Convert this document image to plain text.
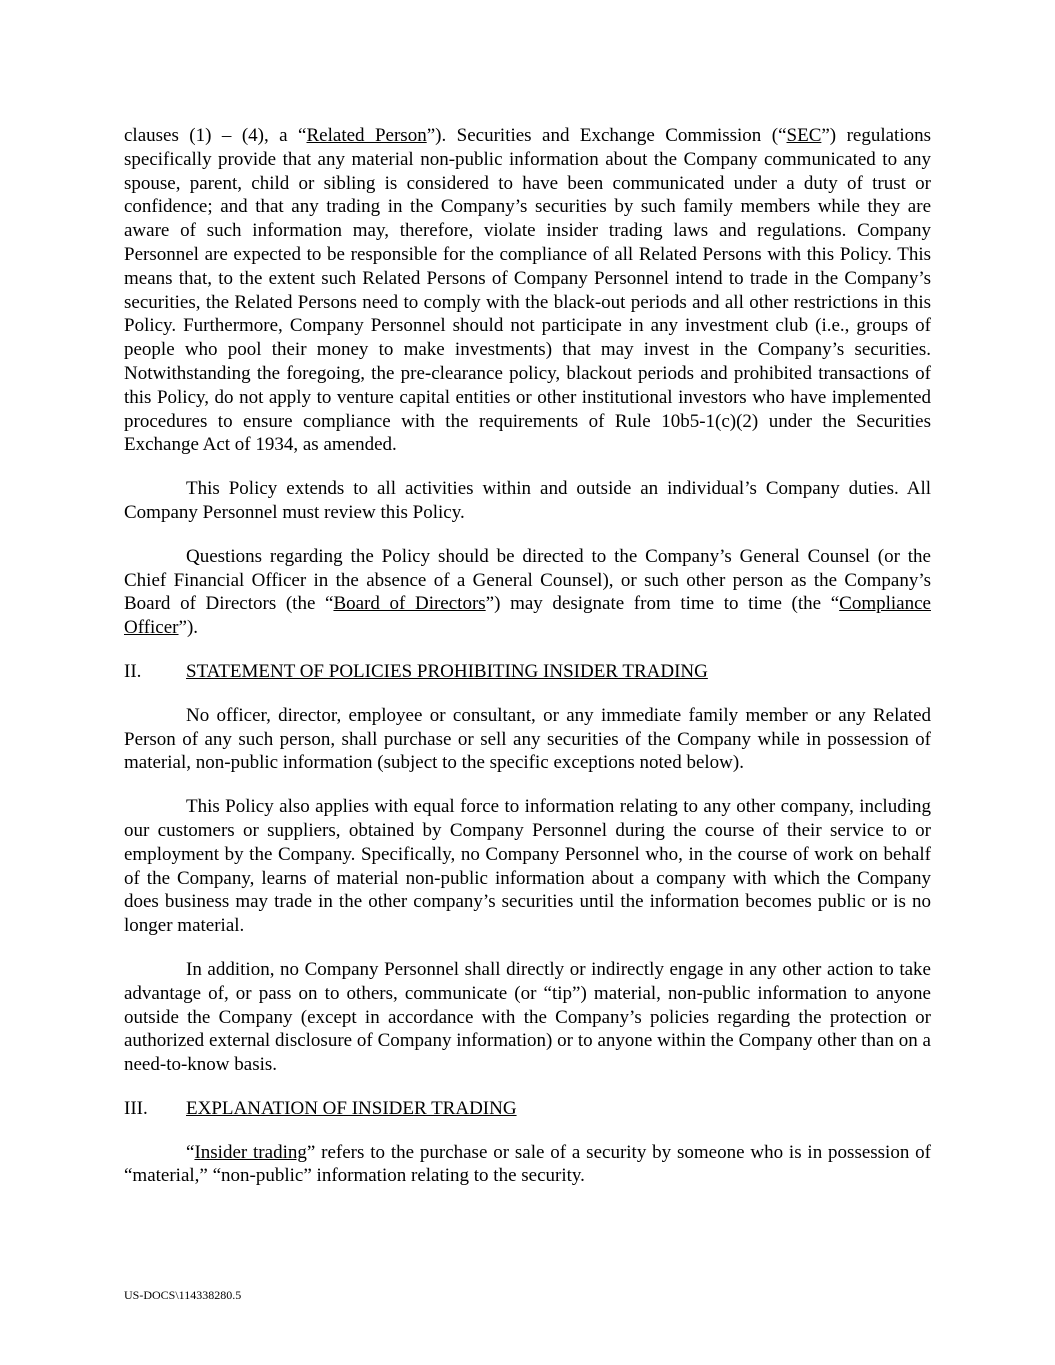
clauses (1) – (4), a “Related Person”). Securities and Exchange Commission (“SEC”) regulations specifically provide that any material non-public information about the Company communicated to any spouse, parent, child or sibling is considered to have been communicated under a duty of trust or confidence; and that any trading in the Company’s securities by such family members while they are aware of such information may, therefore, violate insider trading laws and regulations. Company Personnel are expected to be responsible for the compliance of all Related Persons with this Policy. This means that, to the extent such Related Persons of Company Personnel intend to trade in the Company’s securities, the Related Persons need to comply with the black-out periods and all other restrictions in this Policy. Furthermore, Company Personnel should not participate in any investment club (i.e., groups of people who pool their money to make investments) that may invest in the Company’s securities. Notwithstanding the foregoing, the pre-clearance policy, blackout periods and prohibited transactions of this Policy, do not apply to venture capital entities or other institutional investors who have implemented procedures to ensure compliance with the requirements of Rule 10b5-1(c)(2) under the Securities Exchange Act of 1934, as amended.

This Policy extends to all activities within and outside an individual’s Company duties. All Company Personnel must review this Policy.

Questions regarding the Policy should be directed to the Company’s General Counsel (or the Chief Financial Officer in the absence of a General Counsel), or such other person as the Company’s Board of Directors (the “Board of Directors”) may designate from time to time (the “Compliance Officer”).

II.	STATEMENT OF POLICIES PROHIBITING INSIDER TRADING

No officer, director, employee or consultant, or any immediate family member or any Related Person of any such person, shall purchase or sell any securities of the Company while in possession of material, non-public information (subject to the specific exceptions noted below).

This Policy also applies with equal force to information relating to any other company, including our customers or suppliers, obtained by Company Personnel during the course of their service to or employment by the Company. Specifically, no Company Personnel who, in the course of work on behalf of the Company, learns of material non-public information about a company with which the Company does business may trade in the other company’s securities until the information becomes public or is no longer material.

In addition, no Company Personnel shall directly or indirectly engage in any other action to take advantage of, or pass on to others, communicate (or “tip”) material, non-public information to anyone outside the Company (except in accordance with the Company’s policies regarding the protection or authorized external disclosure of Company information) or to anyone within the Company other than on a need-to-know basis.

III.	EXPLANATION OF INSIDER TRADING

“Insider trading” refers to the purchase or sale of a security by someone who is in possession of “material,” “non-public” information relating to the security.

US-DOCS\114338280.5
